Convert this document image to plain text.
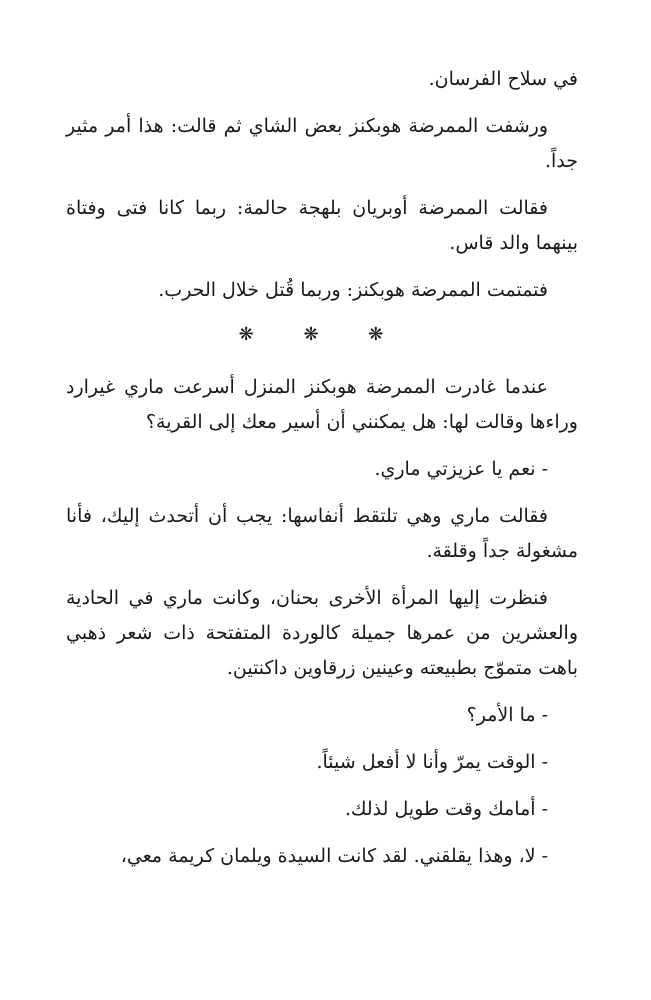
في سلاح الفرسان.

ورشفت الممرضة هوبكنز بعض الشاي ثم قالت: هذا أمر مثير جداً.

فقالت الممرضة أوبريان بلهجة حالمة: ربما كانا فتى وفتاة بينهما والد قاس.

فتمتمت الممرضة هوبكنز: وربما قُتل خلال الحرب.

❋ ❋ ❋

عندما غادرت الممرضة هوبكنز المنزل أسرعت ماري غيرارد وراءها وقالت لها: هل يمكنني أن أسير معك إلى القرية؟

- نعم يا عزيزتي ماري.

فقالت ماري وهي تلتقط أنفاسها: يجب أن أتحدث إليك، فأنا مشغولة جداً وقلقة.

فنظرت إليها المرأة الأخرى بحنان، وكانت ماري في الحادية والعشرين من عمرها جميلة كالوردة المتفتحة ذات شعر ذهبي باهت متموّج بطبيعته وعينين زرقاوين داكنتين.

- ما الأمر؟

- الوقت يمرّ وأنا لا أفعل شيئاً.

- أمامك وقت طويل لذلك.

- لا، وهذا يقلقني. لقد كانت السيدة ويلمان كريمة معي،
